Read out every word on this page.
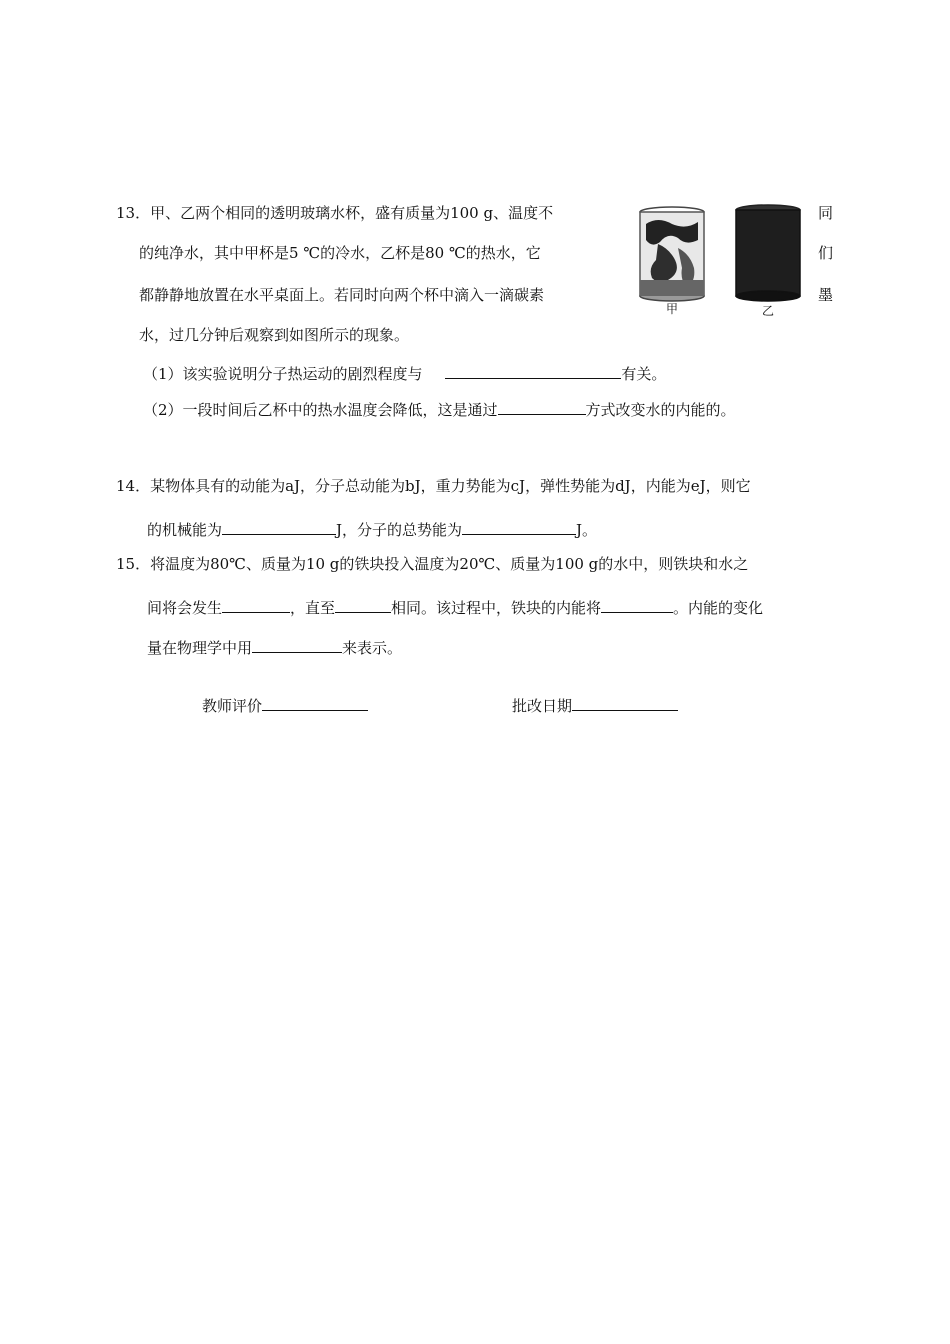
13．甲、乙两个相同的透明玻璃水杯，盛有质量为100 g、温度不	同
的纯净水，其中甲杯是5 ℃的冷水，乙杯是80 ℃的热水，它	们
都静静地放置在水平桌面上。若同时向两个杯中滴入一滴碳素	墨
水，过几分钟后观察到如图所示的现象。
甲	乙
（1）该实验说明分子热运动的剧烈程度与	有关。
（2）一段时间后乙杯中的热水温度会降低，这是通过	方式改变水的内能的。
14．某物体具有的动能为aJ，分子总动能为bJ，重力势能为cJ，弹性势能为dJ，内能为eJ，则它
的机械能为	J，分子的总势能为	J。
15．将温度为80℃、质量为10 g的铁块投入温度为20℃、质量为100 g的水中，则铁块和水之
间将会发生	，直至	相同。该过程中，铁块的内能将	。内能的变化
量在物理学中用	来表示。
教师评价	批改日期
